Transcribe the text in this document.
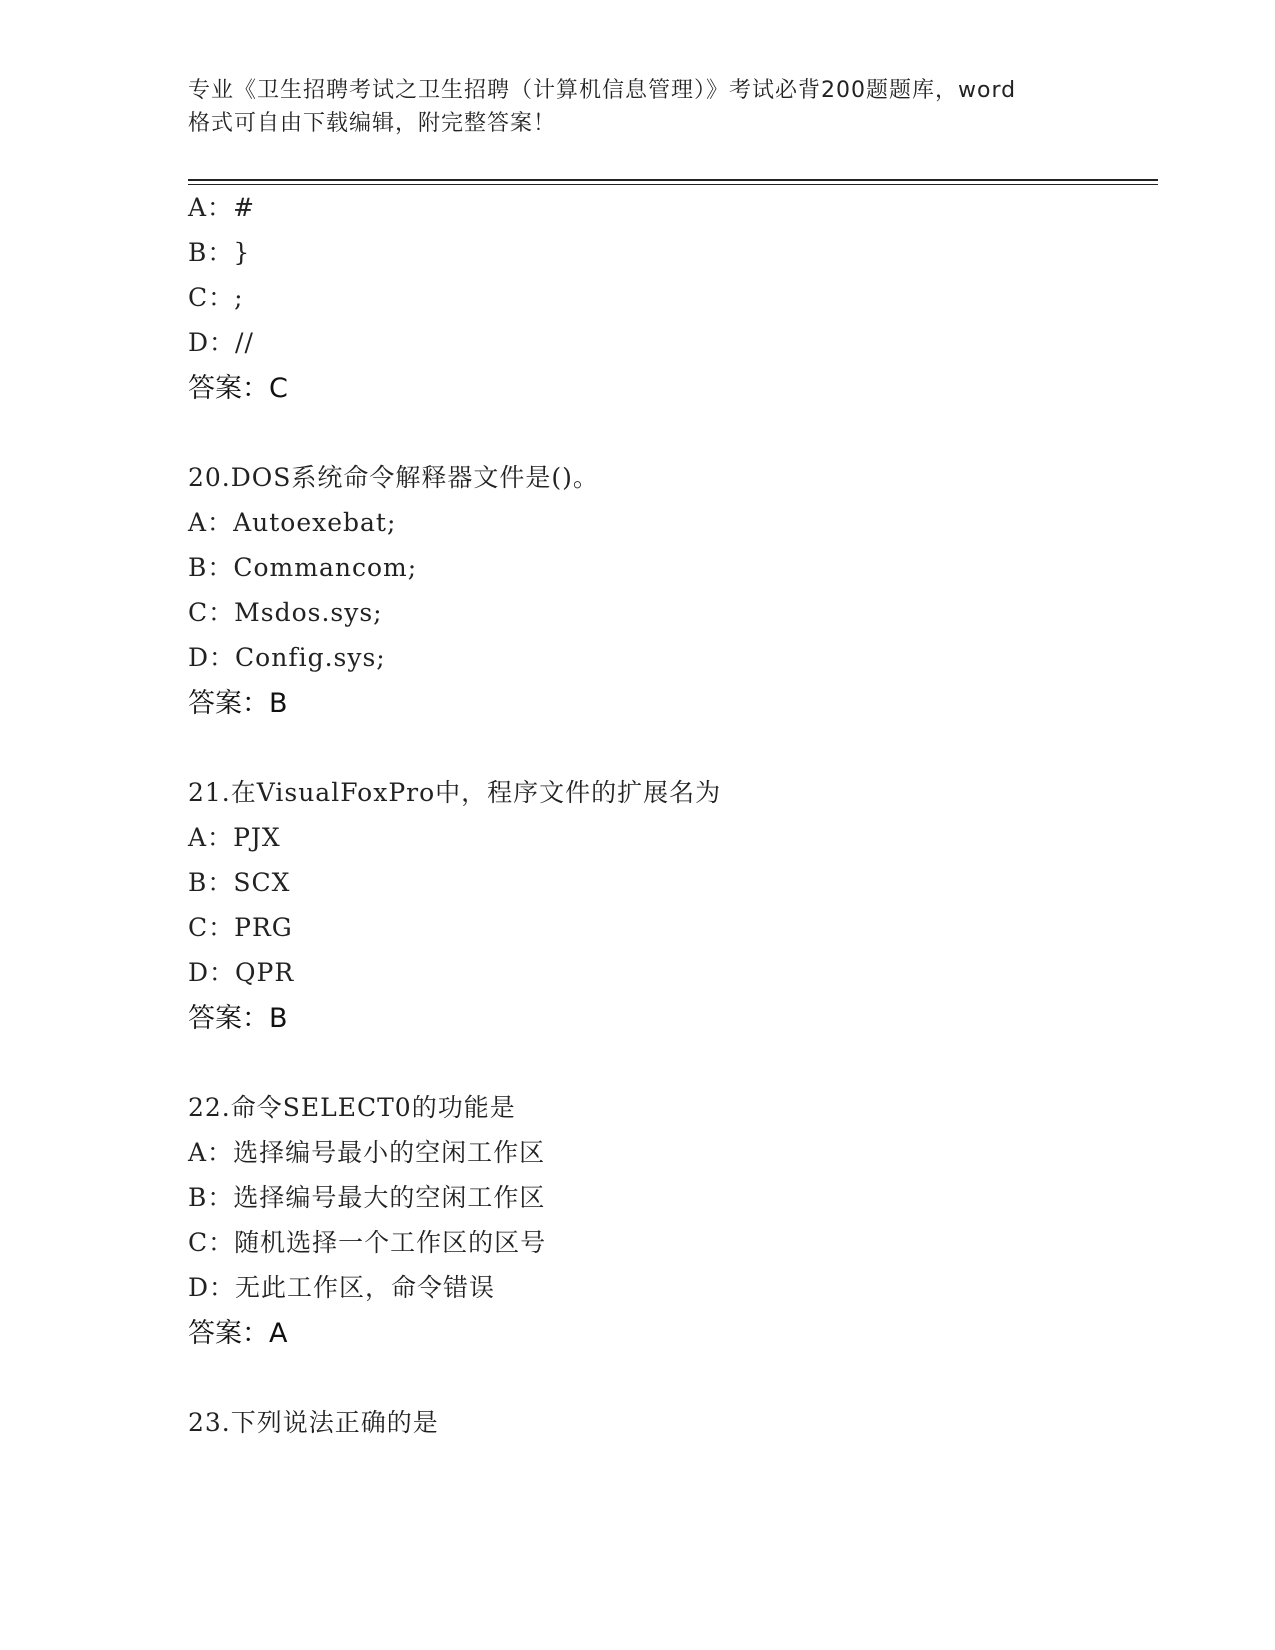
专业《卫生招聘考试之卫生招聘（计算机信息管理）》考试必背200题题库，word
格式可自由下载编辑，附完整答案！
A：#
B：}
C：;
D：//
答案：C
20.DOS系统命令解释器文件是()。
A：Autoexebat;
B：Commancom;
C：Msdos.sys;
D：Config.sys;
答案：B
21.在VisualFoxPro中，程序文件的扩展名为
A：PJX
B：SCX
C：PRG
D：QPR
答案：B
22.命令SELECT0的功能是
A：选择编号最小的空闲工作区
B：选择编号最大的空闲工作区
C：随机选择一个工作区的区号
D：无此工作区，命令错误
答案：A
23.下列说法正确的是
